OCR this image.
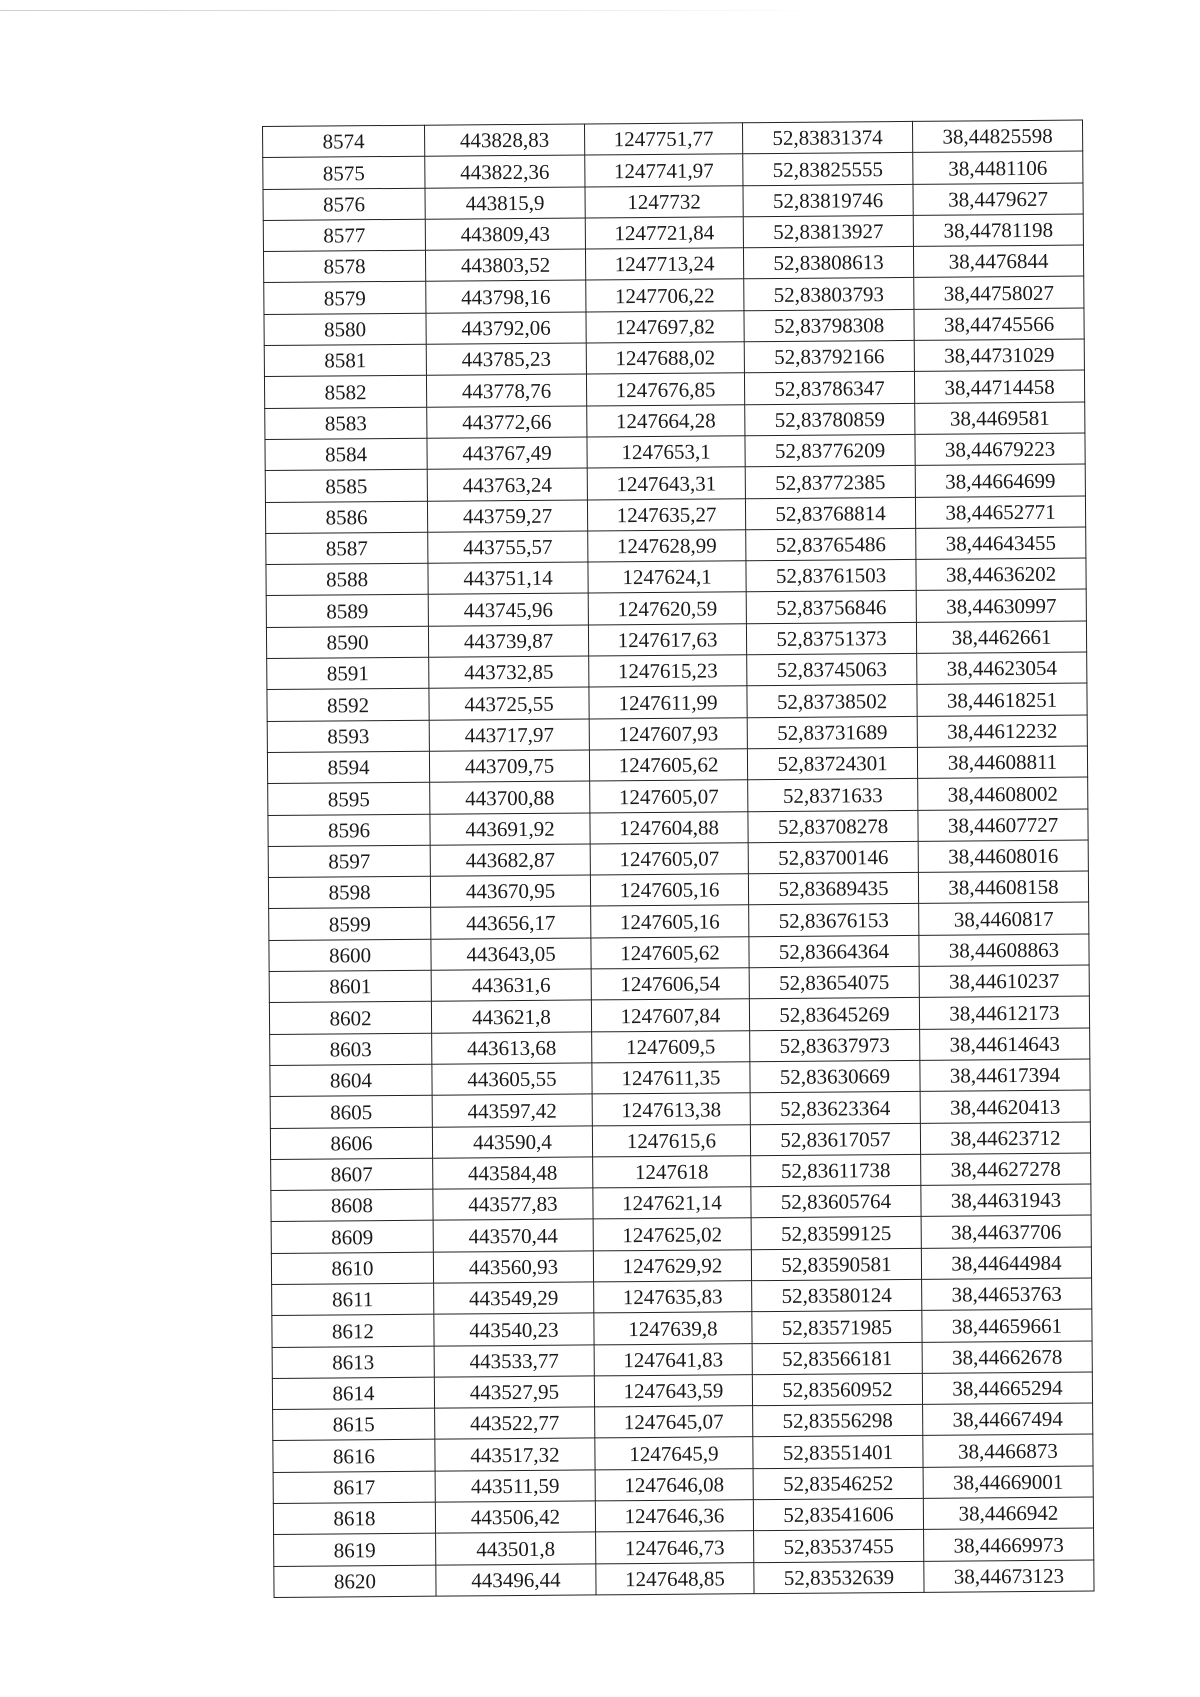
8574	443828,83	1247751,77	52,83831374	38,44825598
8575	443822,36	1247741,97	52,83825555	38,4481106
8576	443815,9	1247732	52,83819746	38,4479627
8577	443809,43	1247721,84	52,83813927	38,44781198
8578	443803,52	1247713,24	52,83808613	38,4476844
8579	443798,16	1247706,22	52,83803793	38,44758027
8580	443792,06	1247697,82	52,83798308	38,44745566
8581	443785,23	1247688,02	52,83792166	38,44731029
8582	443778,76	1247676,85	52,83786347	38,44714458
8583	443772,66	1247664,28	52,83780859	38,4469581
8584	443767,49	1247653,1	52,83776209	38,44679223
8585	443763,24	1247643,31	52,83772385	38,44664699
8586	443759,27	1247635,27	52,83768814	38,44652771
8587	443755,57	1247628,99	52,83765486	38,44643455
8588	443751,14	1247624,1	52,83761503	38,44636202
8589	443745,96	1247620,59	52,83756846	38,44630997
8590	443739,87	1247617,63	52,83751373	38,4462661
8591	443732,85	1247615,23	52,83745063	38,44623054
8592	443725,55	1247611,99	52,83738502	38,44618251
8593	443717,97	1247607,93	52,83731689	38,44612232
8594	443709,75	1247605,62	52,83724301	38,44608811
8595	443700,88	1247605,07	52,8371633	38,44608002
8596	443691,92	1247604,88	52,83708278	38,44607727
8597	443682,87	1247605,07	52,83700146	38,44608016
8598	443670,95	1247605,16	52,83689435	38,44608158
8599	443656,17	1247605,16	52,83676153	38,4460817
8600	443643,05	1247605,62	52,83664364	38,44608863
8601	443631,6	1247606,54	52,83654075	38,44610237
8602	443621,8	1247607,84	52,83645269	38,44612173
8603	443613,68	1247609,5	52,83637973	38,44614643
8604	443605,55	1247611,35	52,83630669	38,44617394
8605	443597,42	1247613,38	52,83623364	38,44620413
8606	443590,4	1247615,6	52,83617057	38,44623712
8607	443584,48	1247618	52,83611738	38,44627278
8608	443577,83	1247621,14	52,83605764	38,44631943
8609	443570,44	1247625,02	52,83599125	38,44637706
8610	443560,93	1247629,92	52,83590581	38,44644984
8611	443549,29	1247635,83	52,83580124	38,44653763
8612	443540,23	1247639,8	52,83571985	38,44659661
8613	443533,77	1247641,83	52,83566181	38,44662678
8614	443527,95	1247643,59	52,83560952	38,44665294
8615	443522,77	1247645,07	52,83556298	38,44667494
8616	443517,32	1247645,9	52,83551401	38,4466873
8617	443511,59	1247646,08	52,83546252	38,44669001
8618	443506,42	1247646,36	52,83541606	38,4466942
8619	443501,8	1247646,73	52,83537455	38,44669973
8620	443496,44	1247648,85	52,83532639	38,44673123
